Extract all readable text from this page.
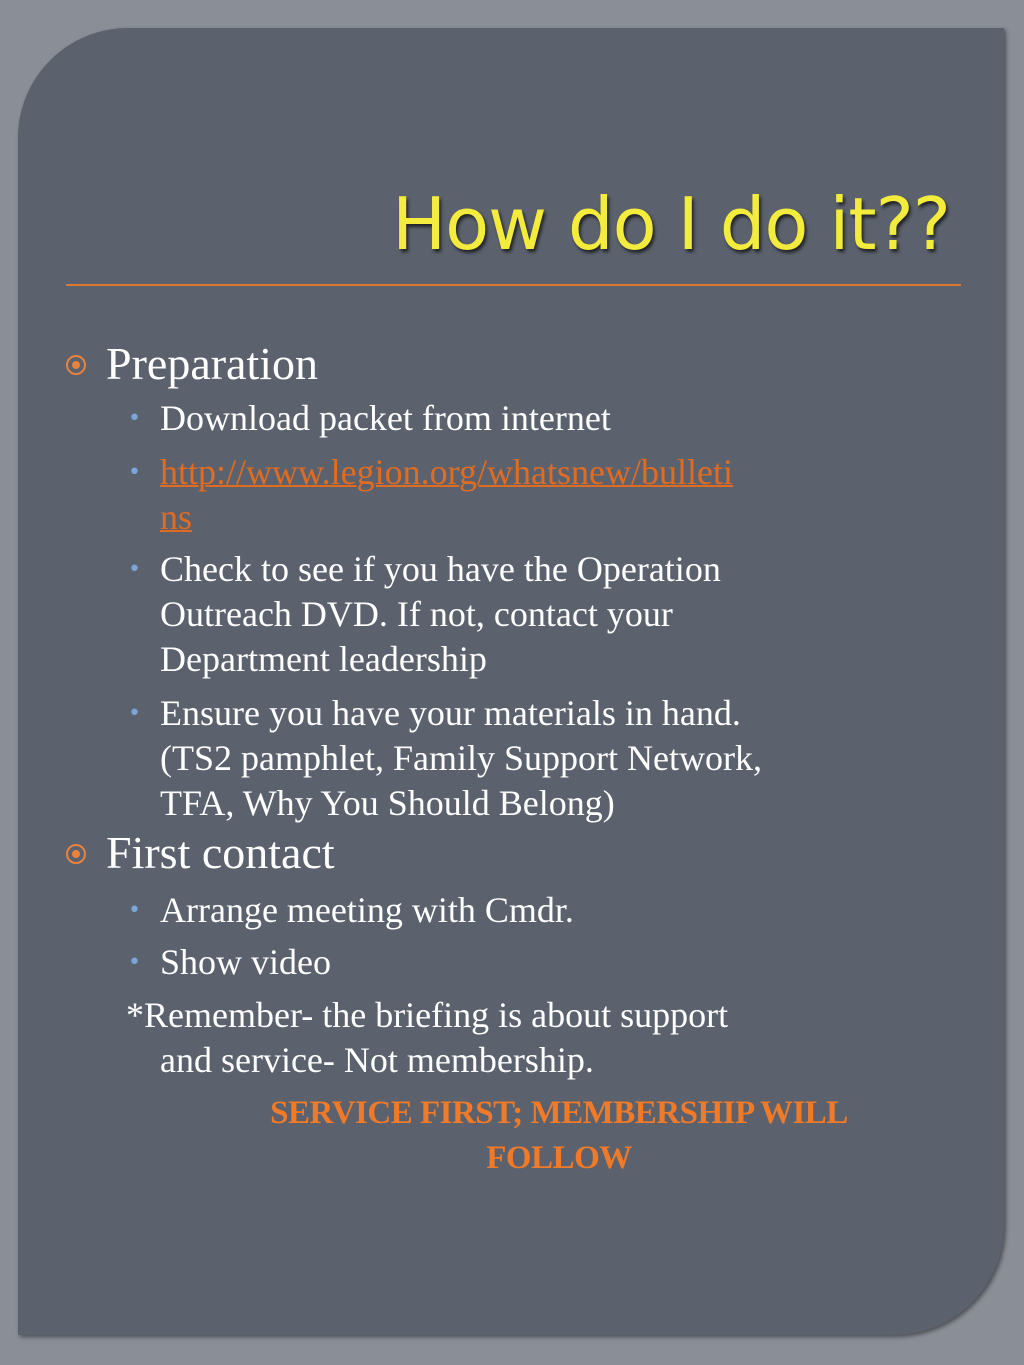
How do I do it??
Preparation
• Download packet from internet
• http://www.legion.org/whatsnew/bulleti
ns
• Check to see if you have the Operation
Outreach DVD. If not, contact your
Department leadership
• Ensure you have your materials in hand.
(TS2 pamphlet, Family Support Network,
TFA, Why You Should Belong)
First contact
• Arrange meeting with Cmdr.
• Show video
*Remember- the briefing is about support
and service- Not membership.
SERVICE FIRST; MEMBERSHIP WILL
FOLLOW
